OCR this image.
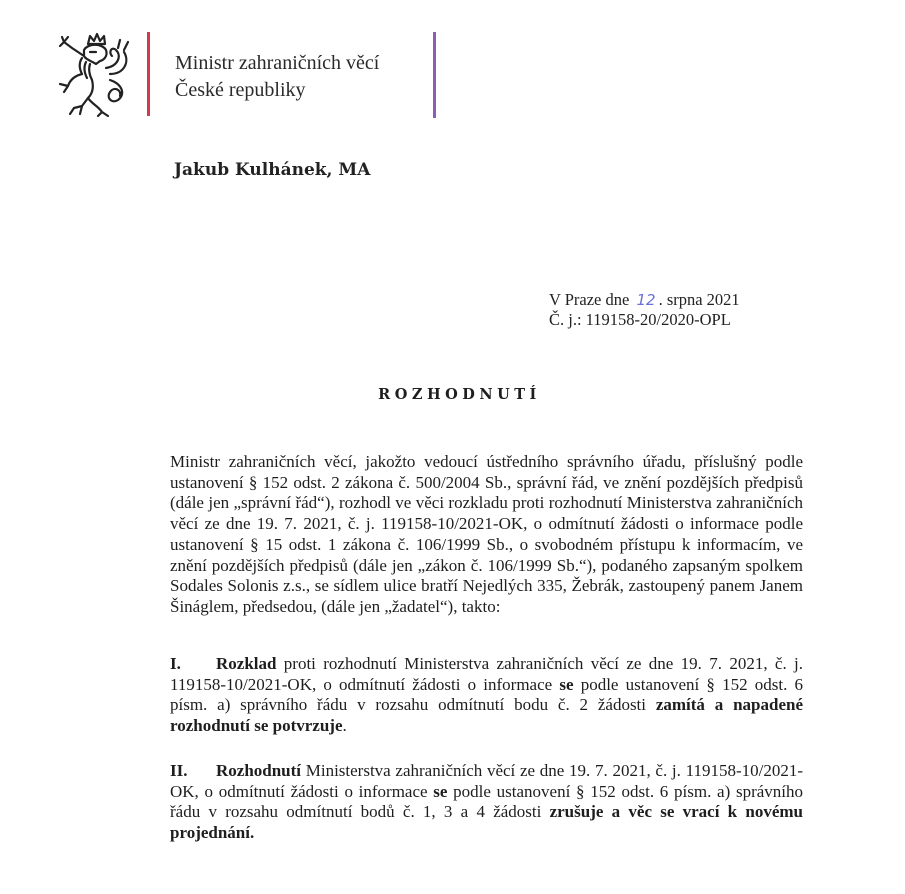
Ministr zahraničních věcí
České republiky
Jakub Kulhánek, MA
V Praze dne 12 . srpna 2021
Č. j.: 119158-20/2020-OPL
ROZHODNUTÍ
Ministr zahraničních věcí, jakožto vedoucí ústředního správního úřadu, příslušný podle ustanovení § 152 odst. 2 zákona č. 500/2004 Sb., správní řád, ve znění pozdějších předpisů (dále jen „správní řád“), rozhodl ve věci rozkladu proti rozhodnutí Ministerstva zahraničních věcí ze dne 19. 7. 2021, č. j. 119158-10/2021-OK, o odmítnutí žádosti o informace podle ustanovení § 15 odst. 1 zákona č. 106/1999 Sb., o svobodném přístupu k informacím, ve znění pozdějších předpisů (dále jen „zákon č. 106/1999 Sb.“), podaného zapsaným spolkem Sodales Solonis z.s., se sídlem ulice bratří Nejedlých 335, Žebrák, zastoupený panem Janem Šináglem, předsedou, (dále jen „žadatel“), takto:
I. Rozklad proti rozhodnutí Ministerstva zahraničních věcí ze dne 19. 7. 2021, č. j. 119158-10/2021-OK, o odmítnutí žádosti o informace se podle ustanovení § 152 odst. 6 písm. a) správního řádu v rozsahu odmítnutí bodu č. 2 žádosti zamítá a napadené rozhodnutí se potvrzuje.
II. Rozhodnutí Ministerstva zahraničních věcí ze dne 19. 7. 2021, č. j. 119158-10/2021-OK, o odmítnutí žádosti o informace se podle ustanovení § 152 odst. 6 písm. a) správního řádu v rozsahu odmítnutí bodů č. 1, 3 a 4 žádosti zrušuje a věc se vrací k novému projednání.
